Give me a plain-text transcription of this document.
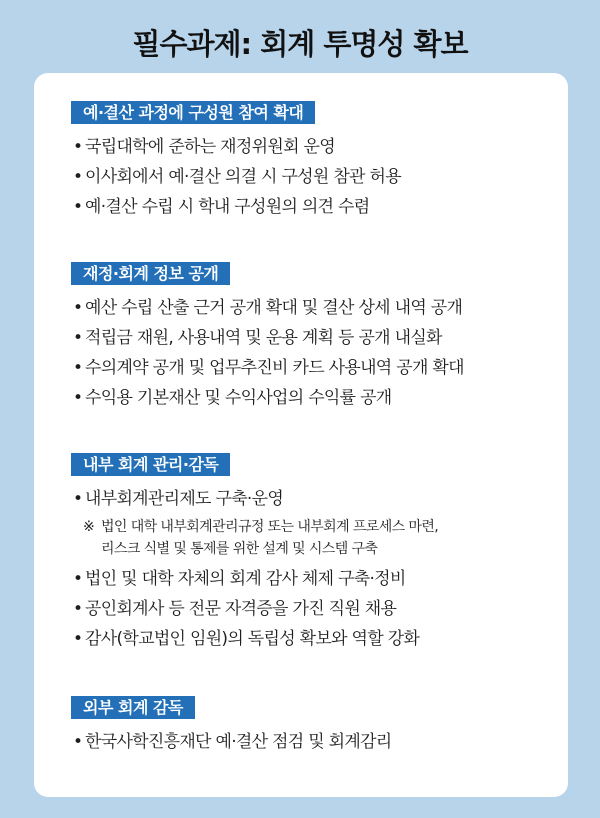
필수과제: 회계 투명성 확보
예·결산 과정에 구성원 참여 확대
• 국립대학에 준하는 재정위원회 운영
• 이사회에서 예·결산 의결 시 구성원 참관 허용
• 예·결산 수립 시 학내 구성원의 의견 수렴
재정·회계 정보 공개
• 예산 수립 산출 근거 공개 확대 및 결산 상세 내역 공개
• 적립금 재원, 사용내역 및 운용 계획 등 공개 내실화
• 수의계약 공개 및 업무추진비 카드 사용내역 공개 확대
• 수익용 기본재산 및 수익사업의 수익률 공개
내부 회계 관리·감독
• 내부회계관리제도 구축·운영
※ 법인 대학 내부회계관리규정 또는 내부회계 프로세스 마련,
리스크 식별 및 통제를 위한 설계 및 시스템 구축
• 법인 및 대학 자체의 회계 감사 체제 구축·정비
• 공인회계사 등 전문 자격증을 가진 직원 채용
• 감사(학교법인 임원)의 독립성 확보와 역할 강화
외부 회계 감독
• 한국사학진흥재단 예·결산 점검 및 회계감리
